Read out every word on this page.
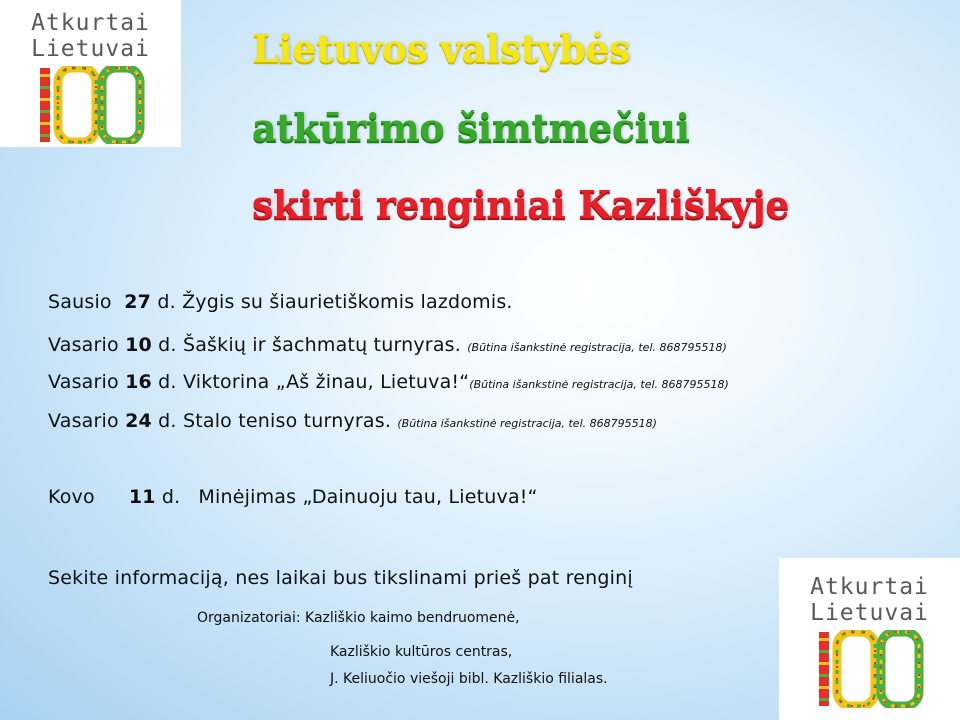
Atkurtai
Lietuvai	Lietuvos valstybės
atkūrimo šimtmečiui
skirti renginiai Kazliškyje
Sausio 27 d. Žygis su šiaurietiškomis lazdomis.
Vasario 10 d. Šaškių ir šachmatų turnyras. (Būtina išankstinė registracija, tel. 868795518)
Vasario 16 d. Viktorina „Aš žinau, Lietuva!“(Būtina išankstinė registracija, tel. 868795518)
Vasario 24 d. Stalo teniso turnyras. (Būtina išankstinė registracija, tel. 868795518)
Kovo 11 d. Minėjimas „Dainuoju tau, Lietuva!“
Sekite informaciją, nes laikai bus tikslinami prieš pat renginį
Organizatoriai: Kazliškio kaimo bendruomenė,
Kazliškio kultūros centras,
J. Keliuočio viešoji bibl. Kazliškio filialas.
Atkurtai
Lietuvai
